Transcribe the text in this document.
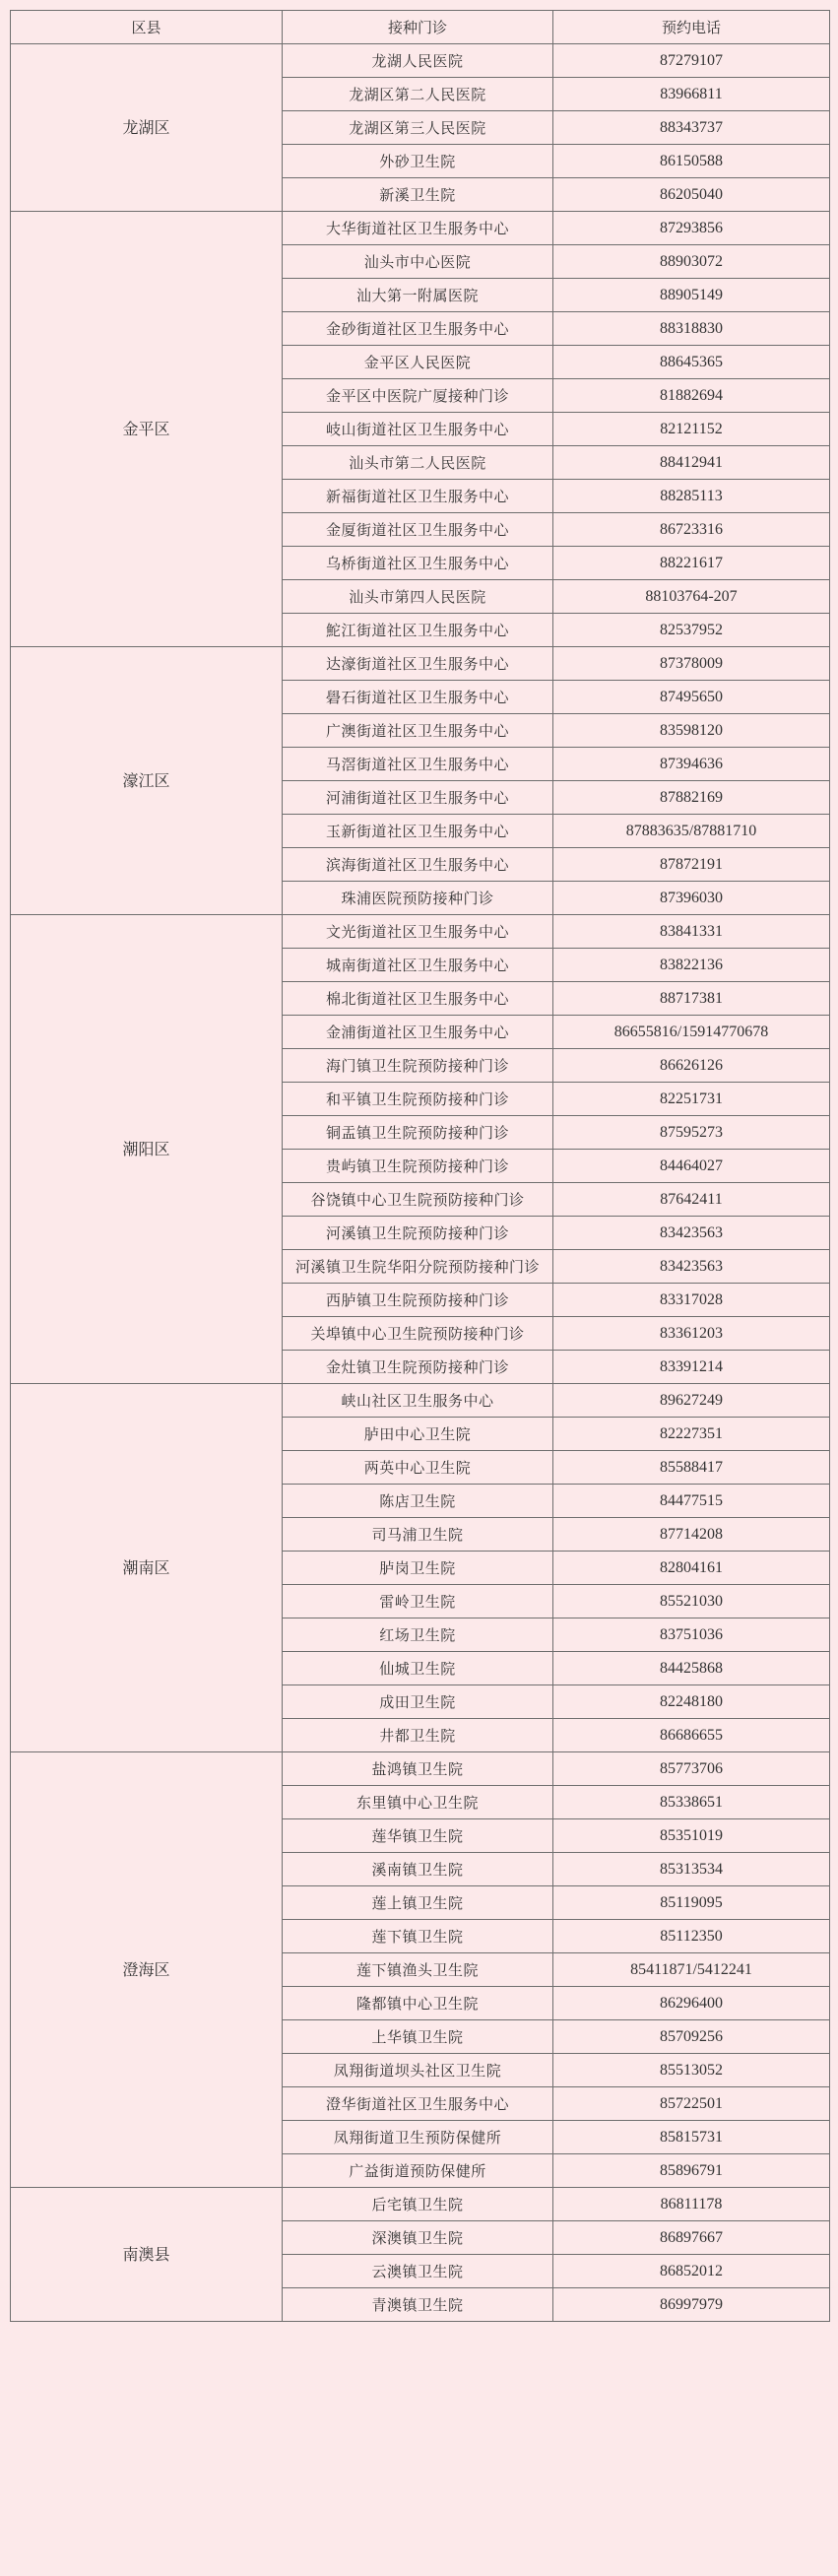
区县	接种门诊	预约电话
龙湖区	龙湖人民医院	87279107
	龙湖区第二人民医院	83966811
	龙湖区第三人民医院	88343737
	外砂卫生院	86150588
	新溪卫生院	86205040
金平区	大华街道社区卫生服务中心	87293856
	汕头市中心医院	88903072
	汕大第一附属医院	88905149
	金砂街道社区卫生服务中心	88318830
	金平区人民医院	88645365
	金平区中医院广厦接种门诊	81882694
	岐山街道社区卫生服务中心	82121152
	汕头市第二人民医院	88412941
	新福街道社区卫生服务中心	88285113
	金厦街道社区卫生服务中心	86723316
	乌桥街道社区卫生服务中心	88221617
	汕头市第四人民医院	88103764-207
	鮀江街道社区卫生服务中心	82537952
濠江区	达濠街道社区卫生服务中心	87378009
	礐石街道社区卫生服务中心	87495650
	广澳街道社区卫生服务中心	83598120
	马滘街道社区卫生服务中心	87394636
	河浦街道社区卫生服务中心	87882169
	玉新街道社区卫生服务中心	87883635/87881710
	滨海街道社区卫生服务中心	87872191
	珠浦医院预防接种门诊	87396030
潮阳区	文光街道社区卫生服务中心	83841331
	城南街道社区卫生服务中心	83822136
	棉北街道社区卫生服务中心	88717381
	金浦街道社区卫生服务中心	86655816/15914770678
	海门镇卫生院预防接种门诊	86626126
	和平镇卫生院预防接种门诊	82251731
	铜盂镇卫生院预防接种门诊	87595273
	贵屿镇卫生院预防接种门诊	84464027
	谷饶镇中心卫生院预防接种门诊	87642411
	河溪镇卫生院预防接种门诊	83423563
	河溪镇卫生院华阳分院预防接种门诊	83423563
	西胪镇卫生院预防接种门诊	83317028
	关埠镇中心卫生院预防接种门诊	83361203
	金灶镇卫生院预防接种门诊	83391214
潮南区	峡山社区卫生服务中心	89627249
	胪田中心卫生院	82227351
	两英中心卫生院	85588417
	陈店卫生院	84477515
	司马浦卫生院	87714208
	胪岗卫生院	82804161
	雷岭卫生院	85521030
	红场卫生院	83751036
	仙城卫生院	84425868
	成田卫生院	82248180
	井都卫生院	86686655
澄海区	盐鸿镇卫生院	85773706
	东里镇中心卫生院	85338651
	莲华镇卫生院	85351019
	溪南镇卫生院	85313534
	莲上镇卫生院	85119095
	莲下镇卫生院	85112350
	莲下镇渔头卫生院	85411871/5412241
	隆都镇中心卫生院	86296400
	上华镇卫生院	85709256
	凤翔街道坝头社区卫生院	85513052
	澄华街道社区卫生服务中心	85722501
	凤翔街道卫生预防保健所	85815731
	广益街道预防保健所	85896791
南澳县	后宅镇卫生院	86811178
	深澳镇卫生院	86897667
	云澳镇卫生院	86852012
	青澳镇卫生院	86997979
